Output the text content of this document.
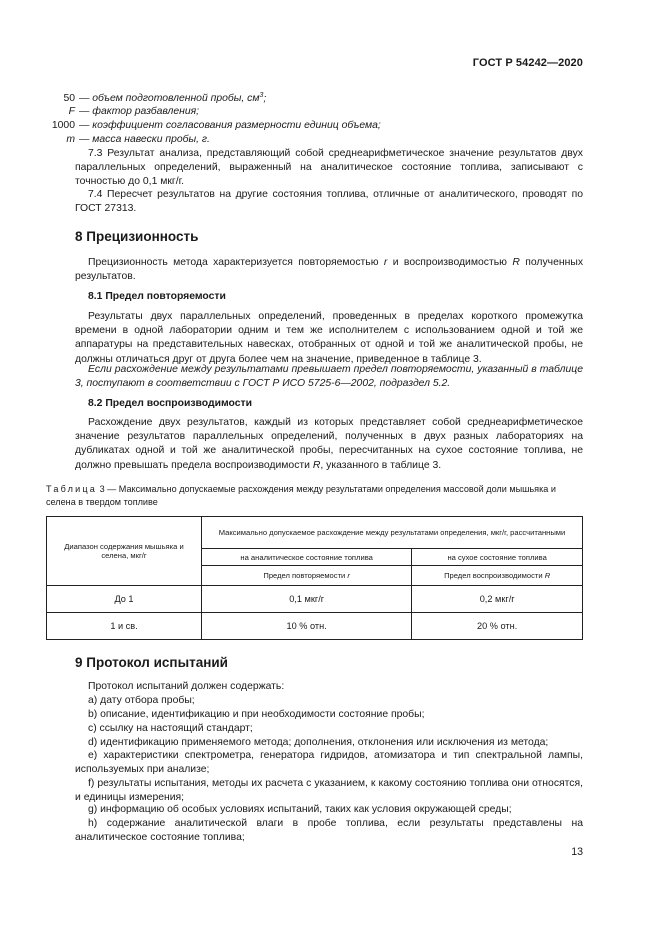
ГОСТ Р 54242—2020
50 — объем подготовленной пробы, $см^3$;
F — фактор разбавления;
1000 — коэффициент согласования размерности единиц объема;
m — масса навески пробы, г.
7.3 Результат анализа, представляющий собой среднеарифметическое значение результатов двух параллельных определений, выраженный на аналитическое состояние топлива, записывают с точностью до 0,1 мкг/г.
7.4 Пересчет результатов на другие состояния топлива, отличные от аналитического, проводят по ГОСТ 27313.
8 Прецизионность
Прецизионность метода характеризуется повторяемостью r и воспроизводимостью R полученных результатов.
8.1 Предел повторяемости
Результаты двух параллельных определений, проведенных в пределах короткого промежутка времени в одной лаборатории одним и тем же исполнителем с использованием одной и той же аппаратуры на представительных навесках, отобранных от одной и той же аналитической пробы, не должны отличаться друг от друга более чем на значение, приведенное в таблице 3.
Если расхождение между результатами превышает предел повторяемости, указанный в таблице 3, поступают в соответствии с ГОСТ Р ИСО 5725-6—2002, подраздел 5.2.
8.2 Предел воспроизводимости
Расхождение двух результатов, каждый из которых представляет собой среднеарифметическое значение результатов параллельных определений, полученных в двух разных лабораториях на дубликатах одной и той же аналитической пробы, пересчитанных на сухое состояние топлива, не должно превышать предела воспроизводимости R, указанного в таблице 3.
Таблица 3 — Максимально допускаемые расхождения между результатами определения массовой доли мышьяка и селена в твердом топливе
Диапазон содержания мышьяка и селена, мкг/г	Максимально допускаемое расхождение между результатами определения, мкг/г, рассчитанными	
	на аналитическое состояние топлива	на сухое состояние топлива
	Предел повторяемости r	Предел воспроизводимости R
До 1	0,1 мкг/г	0,2 мкг/г
1 и св.	10 % отн.	20 % отн.
9 Протокол испытаний
Протокол испытаний должен содержать:
a) дату отбора пробы;
b) описание, идентификацию и при необходимости состояние пробы;
c) ссылку на настоящий стандарт;
d) идентификацию применяемого метода; дополнения, отклонения или исключения из метода;
e) характеристики спектрометра, генератора гидридов, атомизатора и тип спектральной лампы, используемых при анализе;
f) результаты испытания, методы их расчета с указанием, к какому состоянию топлива они относятся, и единицы измерения;
g) информацию об особых условиях испытаний, таких как условия окружающей среды;
h) содержание аналитической влаги в пробе топлива, если результаты представлены на аналитическое состояние топлива;
13
